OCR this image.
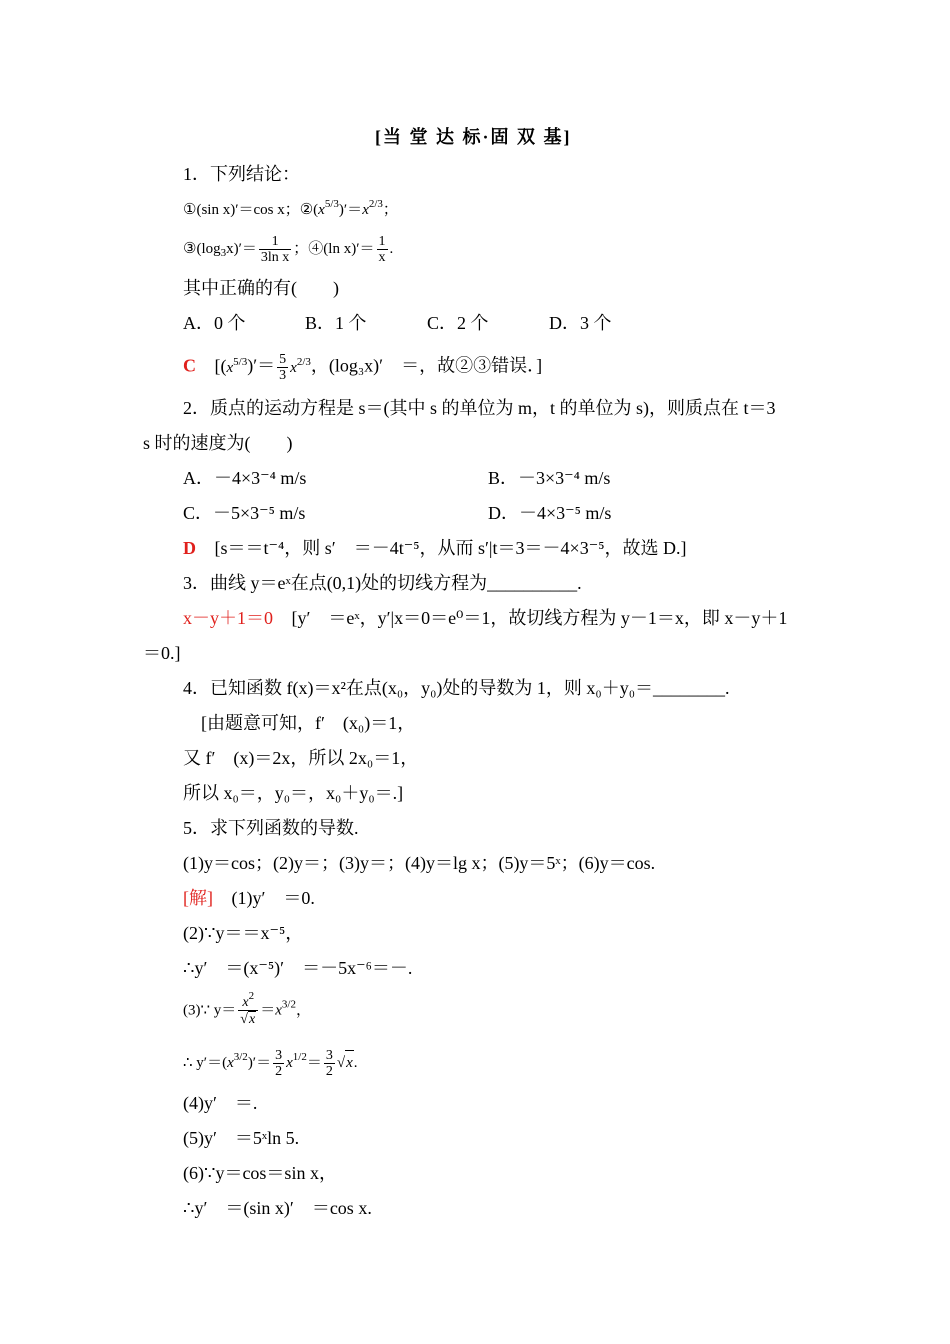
[当 堂 达 标·固 双 基]
1．下列结论：
①(sin x)′＝cos x；$②(x^{5/3})'=x^{2/3}$；
$③(\log_3x)'= \frac{1}{\text{3ln x}}$ ；④(ln $x)'= \frac{1}{x}$ .
其中正确的有(　　)
A．0 个	B．1 个	C．2 个	D．3 个
C [$(x^{5/3})'= \frac{5}{3} x^{2/3}$，(log₃x)′　＝，故②③错误．]
2．质点的运动方程是 s＝(其中 s 的单位为 m，t 的单位为 s)，则质点在 t＝3
s 时的速度为(　　)
A．－4×3⁻⁴ m/s	B．－3×3⁻⁴ m/s
C．－5×3⁻⁵ m/s	D．－4×3⁻⁵ m/s
D [s＝＝t⁻⁴，则 s′　＝－4t⁻⁵，从而 s′|t＝3＝－4×3⁻⁵，故选 D.]
3．曲线 y＝eˣ在点(0,1)处的切线方程为__________.
x－y＋1＝0 [y′　＝eˣ，y′|x＝0＝e⁰＝1，故切线方程为 y－1＝x，即 x－y＋1
＝0.]
4．已知函数 f(x)＝x²在点(x₀，y₀)处的导数为 1，则 x₀＋y₀＝________.
[由题意可知，f′　(x₀)＝1，
又 f′　(x)＝2x，所以 2x₀＝1，
所以 x₀＝，y₀＝，x₀＋y₀＝.]
5．求下列函数的导数.
(1)y＝cos；(2)y＝；(3)y＝；(4)y＝lg x；(5)y＝5ˣ；(6)y＝cos.
[解] (1)y′　＝0.
(2)∵y＝＝x⁻⁵，
∴y′　＝(x⁻⁵)′　＝－5x⁻⁶＝－.
(3)∵ $y= \frac{x^2}{√x} =x^{3/2}$，
∴ $y'=(x^{3/2})'= \frac{3}{2} x^{1/2}= \frac{3}{2} √x$.
(4)y′　＝.
(5)y′　＝5ˣln 5.
(6)∵y＝cos＝sin x，
∴y′　＝(sin x)′　＝cos x.
